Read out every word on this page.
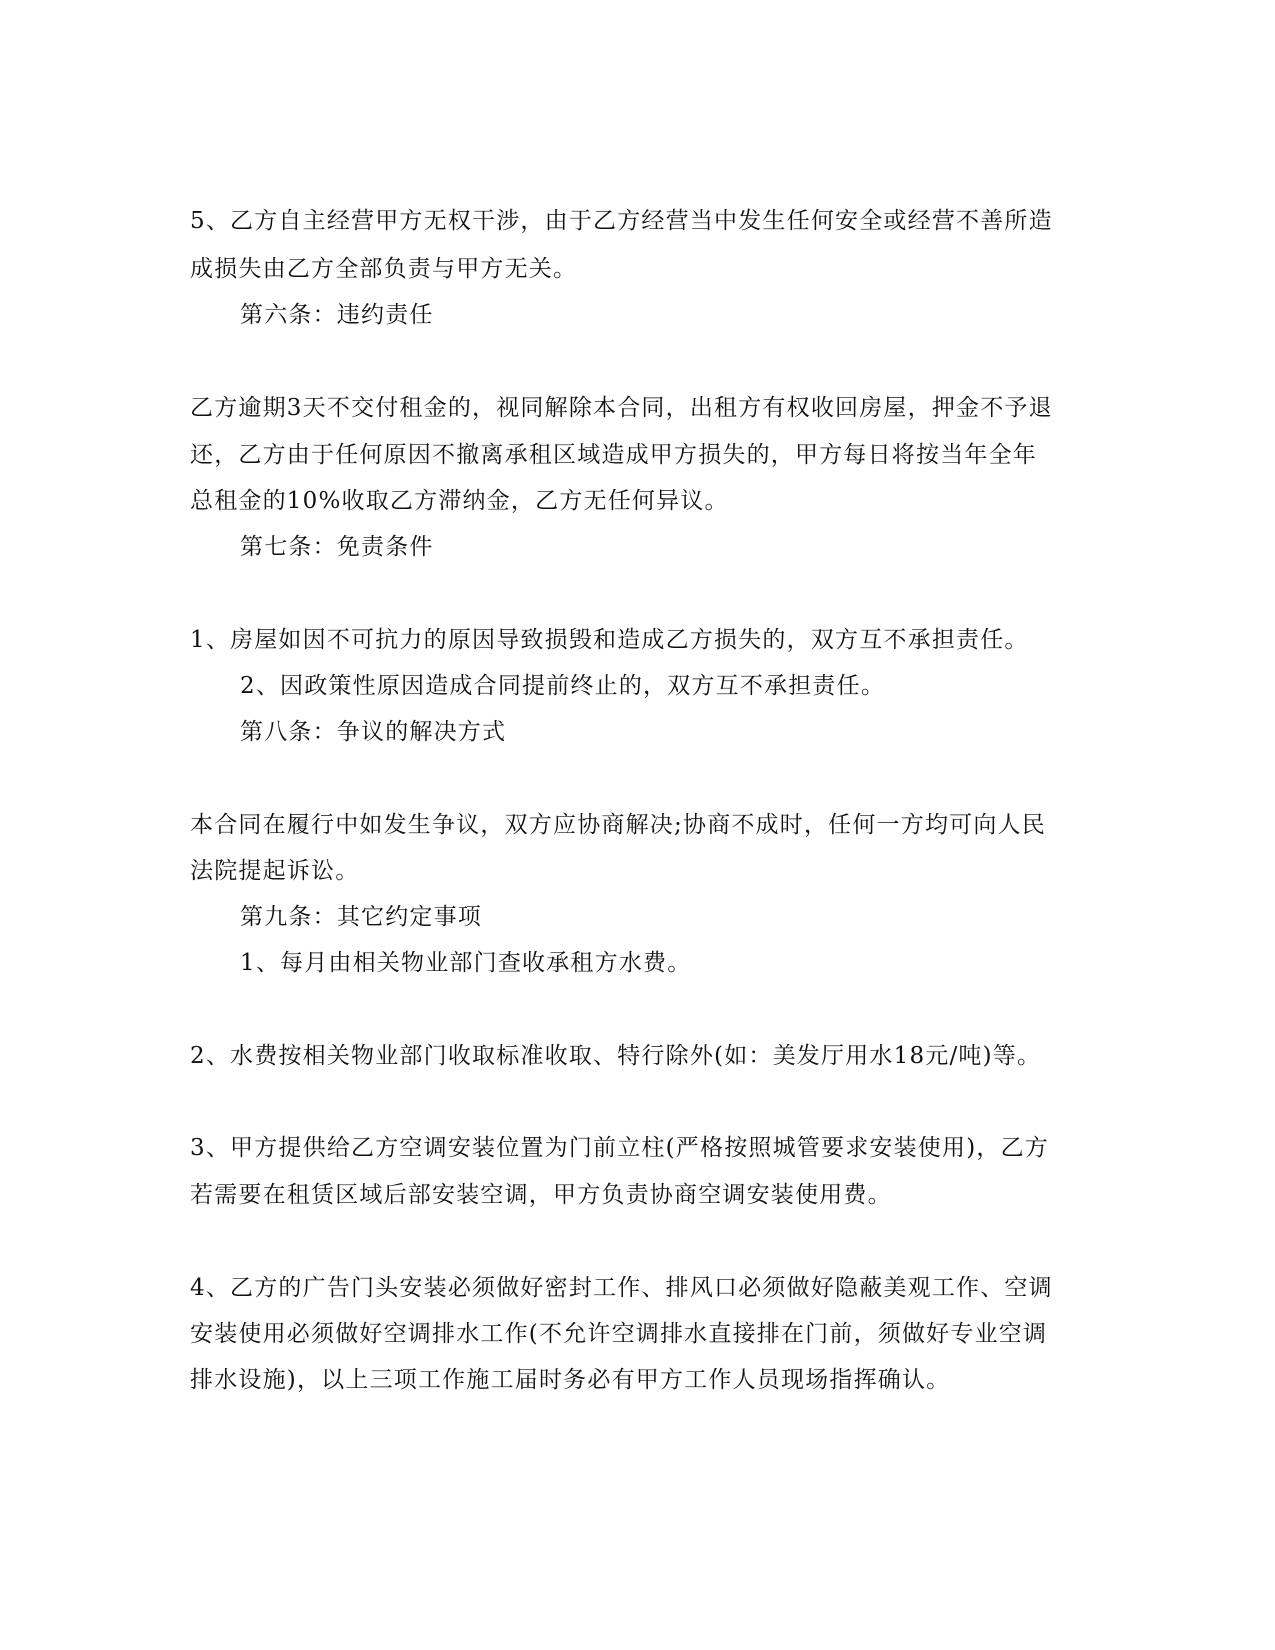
5、乙方自主经营甲方无权干涉，由于乙方经营当中发生任何安全或经营不善所造
成损失由乙方全部负责与甲方无关。
第六条：违约责任
乙方逾期3天不交付租金的，视同解除本合同，出租方有权收回房屋，押金不予退
还，乙方由于任何原因不撤离承租区域造成甲方损失的，甲方每日将按当年全年
总租金的10%收取乙方滞纳金，乙方无任何异议。
第七条：免责条件
1、房屋如因不可抗力的原因导致损毁和造成乙方损失的，双方互不承担责任。
2、因政策性原因造成合同提前终止的，双方互不承担责任。
第八条：争议的解决方式
本合同在履行中如发生争议，双方应协商解决;协商不成时，任何一方均可向人民
法院提起诉讼。
第九条：其它约定事项
1、每月由相关物业部门查收承租方水费。
2、水费按相关物业部门收取标准收取、特行除外(如：美发厅用水18元/吨)等。
3、甲方提供给乙方空调安装位置为门前立柱(严格按照城管要求安装使用)，乙方
若需要在租赁区域后部安装空调，甲方负责协商空调安装使用费。
4、乙方的广告门头安装必须做好密封工作、排风口必须做好隐蔽美观工作、空调
安装使用必须做好空调排水工作(不允许空调排水直接排在门前，须做好专业空调
排水设施)，以上三项工作施工届时务必有甲方工作人员现场指挥确认。
